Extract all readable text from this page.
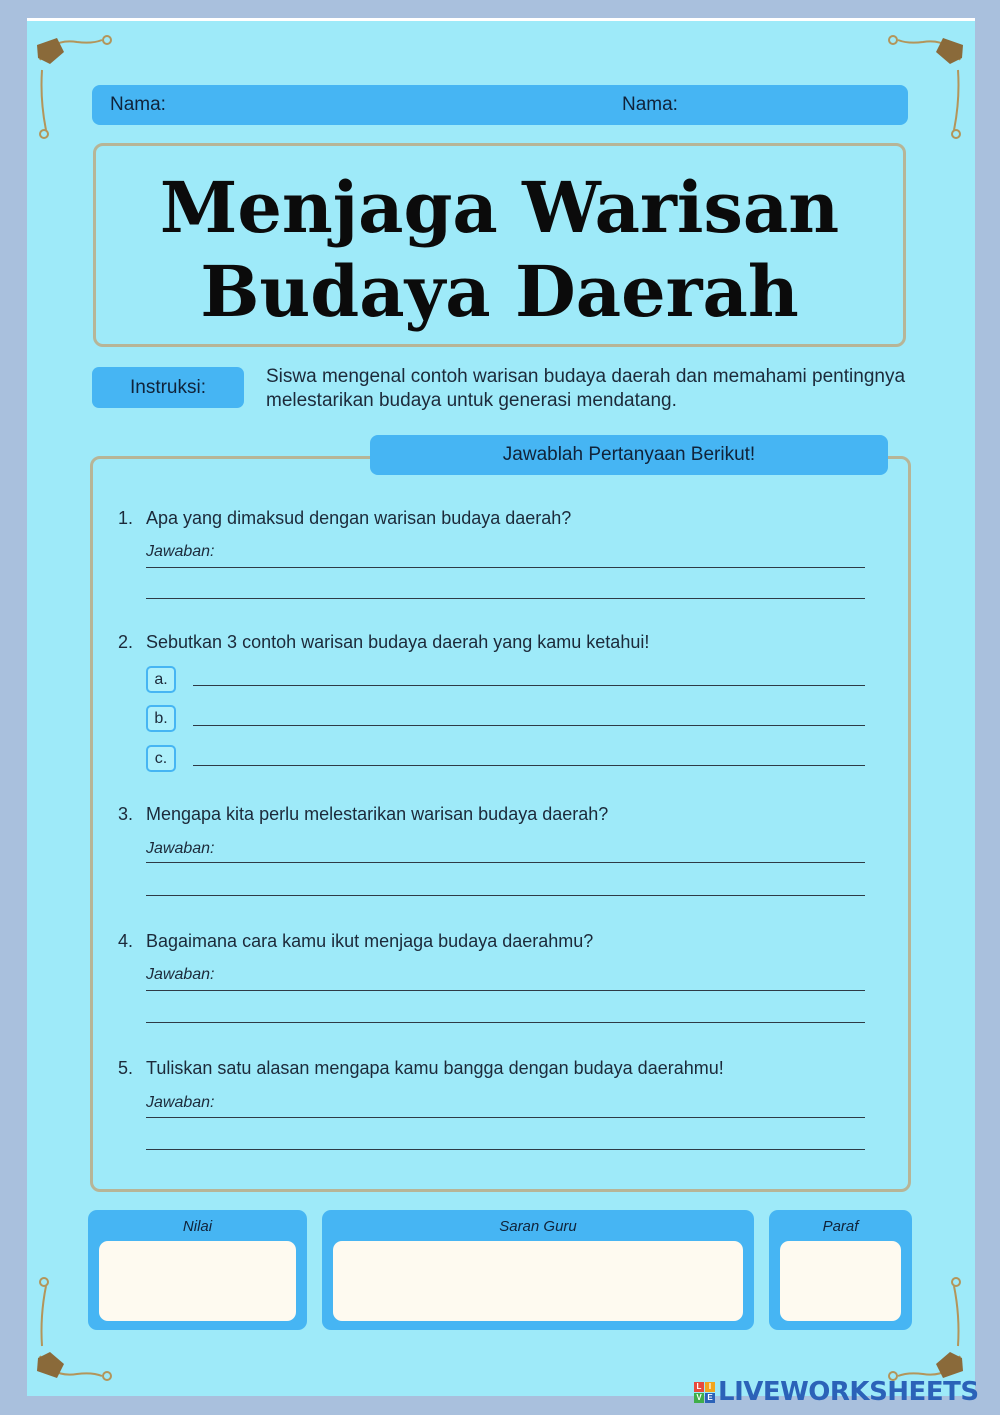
Nama:	Nama:
Menjaga Warisan
Budaya Daerah
Instruksi:
Siswa mengenal contoh warisan budaya daerah dan memahami pentingnya
melestarikan budaya untuk generasi mendatang.
Jawablah Pertanyaan Berikut!
1. Apa yang dimaksud dengan warisan budaya daerah?
Jawaban:
2. Sebutkan 3 contoh warisan budaya daerah yang kamu ketahui!
a.
b.
c.
3. Mengapa kita perlu melestarikan warisan budaya daerah?
Jawaban:
4. Bagaimana cara kamu ikut menjaga budaya daerahmu?
Jawaban:
5. Tuliskan satu alasan mengapa kamu bangga dengan budaya daerahmu!
Jawaban:
Nilai	Saran Guru	Paraf
L I
V E LIVEWORKSHEETS
